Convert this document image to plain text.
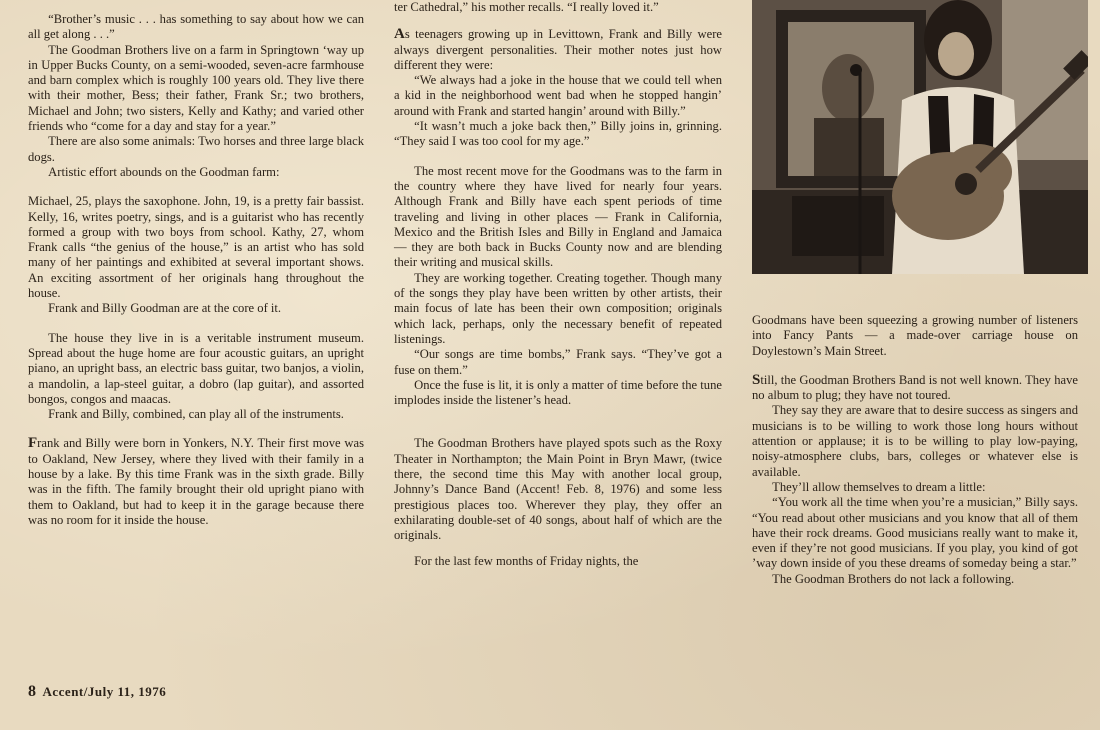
“Brother’s music . . . has something to say about how we can all get along . . .”

The Goodman Brothers live on a farm in Springtown ‘way up in Upper Bucks County, on a semi-wooded, seven-acre farmhouse and barn complex which is roughly 100 years old. They live there with their mother, Bess; their father, Frank Sr.; two brothers, Michael and John; two sisters, Kelly and Kathy; and varied other friends who “come for a day and stay for a year.”

There are also some animals: Two horses and three large black dogs.

Artistic effort abounds on the Goodman farm:

Michael, 25, plays the saxophone. John, 19, is a pretty fair bassist. Kelly, 16, writes poetry, sings, and is a guitarist who has recently formed a group with two boys from school. Kathy, 27, whom Frank calls “the genius of the house,” is an artist who has sold many of her paintings and exhibited at several important shows. An exciting assortment of her originals hang throughout the house.

Frank and Billy Goodman are at the core of it.

The house they live in is a veritable instrument museum. Spread about the huge home are four acoustic guitars, an upright piano, an upright bass, an electric bass guitar, two banjos, a violin, a mandolin, a lap-steel guitar, a dobro (lap guitar), and assorted bongos, congos and maacas.

Frank and Billy, combined, can play all of the instruments.

Frank and Billy were born in Yonkers, N.Y. Their first move was to Oakland, New Jersey, where they lived with their family in a house by a lake. By this time Frank was in the sixth grade. Billy was in the fifth. The family brought their old upright piano with them to Oakland, but had to keep it in the garage because there was no room for it inside the house.

ter Cathedral,” his mother recalls. “I really loved it.”

As teenagers growing up in Levittown, Frank and Billy were always divergent personalities. Their mother notes just how different they were:

“We always had a joke in the house that we could tell when a kid in the neighborhood went bad when he stopped hangin’ around with Frank and started hangin’ around with Billy.”

“It wasn’t much a joke back then,” Billy joins in, grinning. “They said I was too cool for my age.”

The most recent move for the Goodmans was to the farm in the country where they have lived for nearly four years. Although Frank and Billy have each spent periods of time traveling and living in other places — Frank in California, Mexico and the British Isles and Billy in England and Jamaica — they are both back in Bucks County now and are blending their writing and musical skills.

They are working together. Creating together. Though many of the songs they play have been written by other artists, their main focus of late has been their own composition; originals which lack, perhaps, only the necessary benefit of repeated listenings.

“Our songs are time bombs,” Frank says. “They’ve got a fuse on them.”

Once the fuse is lit, it is only a matter of time before the tune implodes inside the listener’s head.

The Goodman Brothers have played spots such as the Roxy Theater in Northampton; the Main Point in Bryn Mawr, (twice there, the second time this May with another local group, Johnny’s Dance Band (Accent! Feb. 8, 1976) and some less prestigious places too. Wherever they play, they offer an exhilarating double-set of 40 songs, about half of which are the originals.

For the last few months of Friday nights, the

Goodmans have been squeezing a growing number of listeners into Fancy Pants — a made-over carriage house on Doylestown’s Main Street.

Still, the Goodman Brothers Band is not well known. They have no album to plug; they have not toured.

They say they are aware that to desire success as singers and musicians is to be willing to work those long hours without attention or applause; it is to be willing to play low-paying, noisy-atmosphere clubs, bars, colleges or whatever else is available.

They’ll allow themselves to dream a little:

“You work all the time when you’re a musician,” Billy says. “You read about other musicians and you know that all of them have their rock dreams. Good musicians really want to make it, even if they’re not good musicians. If you play, you kind of got ’way down inside of you these dreams of someday being a star.”

The Goodman Brothers do not lack a following.

8 Accent/July 11, 1976
